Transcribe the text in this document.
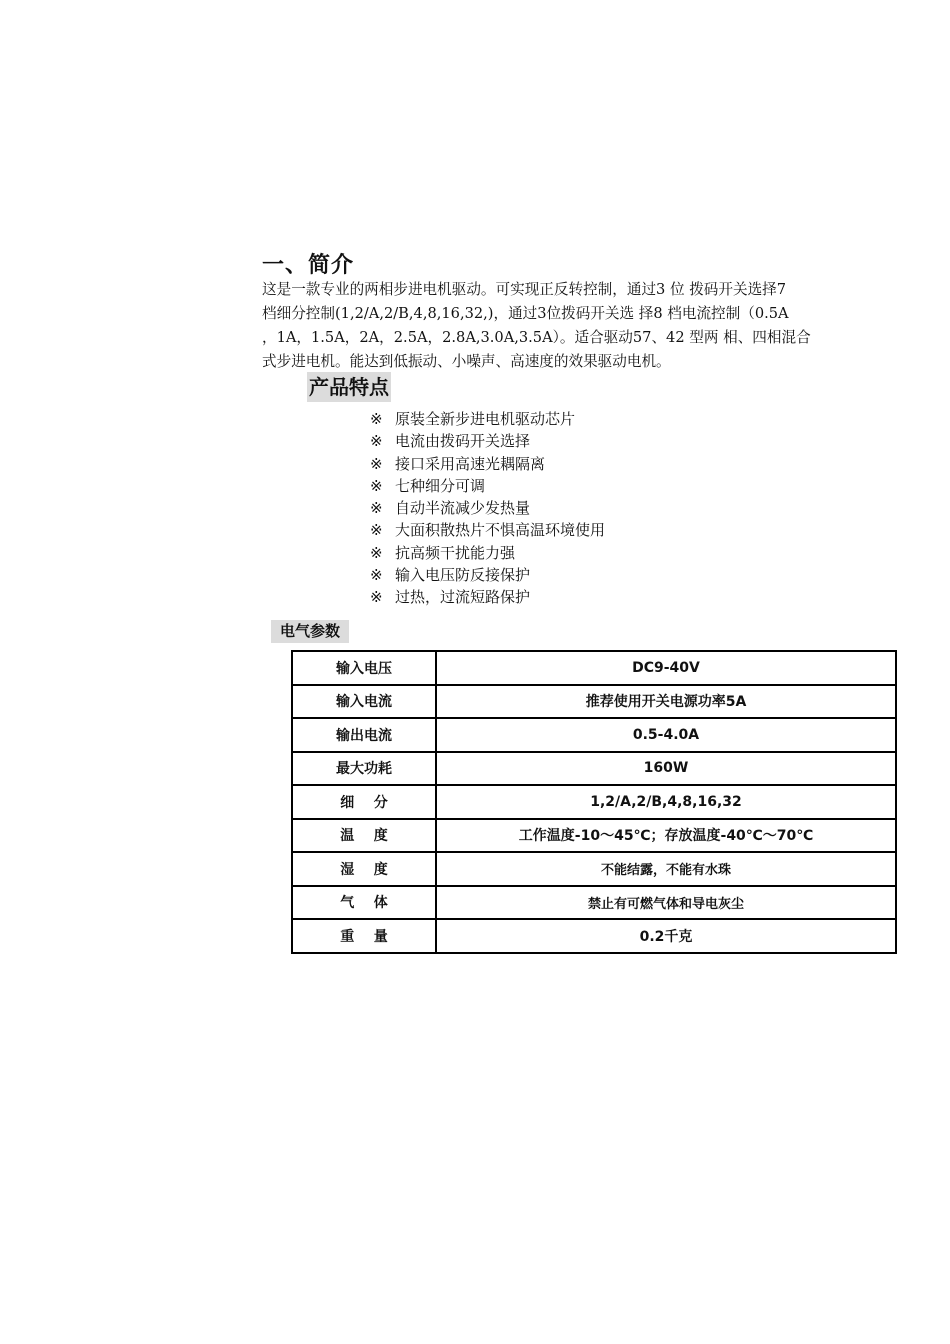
一、简介

这是一款专业的两相步进电机驱动。可实现正反转控制，通过3 位 拨码开关选择7

档细分控制(1,2/A,2/B,4,8,16,32,)，通过3位拨码开关选 择8 档电流控制（0.5A

，1A，1.5A，2A，2.5A，2.8A,3.0A,3.5A）。适合驱动57、42 型两 相、四相混合

式步进电机。能达到低振动、小噪声、高速度的效果驱动电机。

产品特点
※ 原装全新步进电机驱动芯片
※ 电流由拨码开关选择
※ 接口采用高速光耦隔离
※ 七种细分可调
※ 自动半流减少发热量
※ 大面积散热片不惧高温环境使用
※ 抗高频干扰能力强
※ 输入电压防反接保护
※ 过热，过流短路保护
电气参数
输入电压	DC9-40V
输入电流	推荐使用开关电源功率5A
输出电流	0.5-4.0A
最大功耗	160W
细    分	1,2/A,2/B,4,8,16,32
温    度	工作温度-10～45℃；存放温度-40℃～70℃
湿    度	不能结露，不能有水珠
气    体	禁止有可燃气体和导电灰尘
重    量	0.2千克
